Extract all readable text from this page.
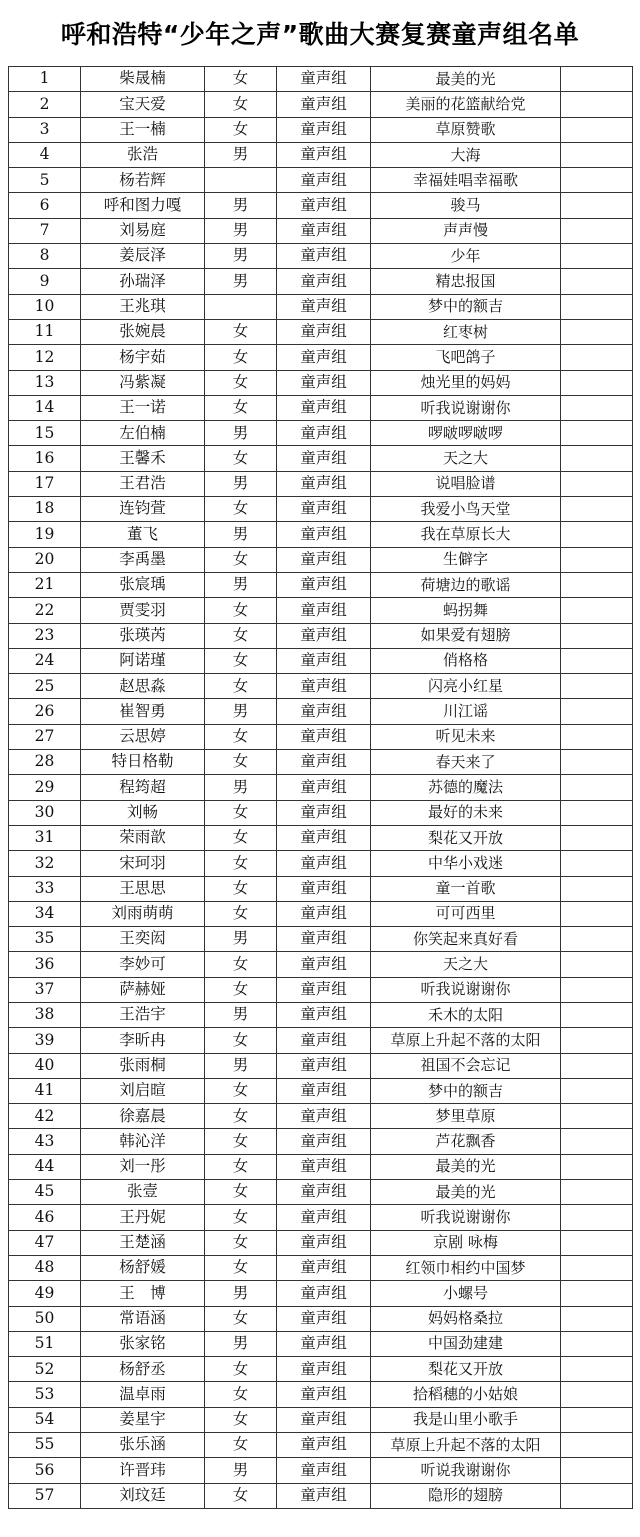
呼和浩特“少年之声”歌曲大赛复赛童声组名单
1	柴晟楠	女	童声组	最美的光	
2	宝天爱	女	童声组	美丽的花篮献给党	
3	王一楠	女	童声组	草原赞歌	
4	张浩	男	童声组	大海	
5	杨若辉		童声组	幸福娃唱幸福歌	
6	呼和图力嘎	男	童声组	骏马	
7	刘易庭	男	童声组	声声慢	
8	姜辰泽	男	童声组	少年	
9	孙瑞泽	男	童声组	精忠报国	
10	王兆琪		童声组	梦中的额吉	
11	张婉晨	女	童声组	红枣树	
12	杨宇茹	女	童声组	飞吧鸽子	
13	冯紫凝	女	童声组	烛光里的妈妈	
14	王一诺	女	童声组	听我说谢谢你	
15	左伯楠	男	童声组	啰啵啰啵啰	
16	王馨禾	女	童声组	天之大	
17	王君浩	男	童声组	说唱脸谱	
18	连钧萱	女	童声组	我爱小鸟天堂	
19	董飞	男	童声组	我在草原长大	
20	李禹墨	女	童声组	生僻字	
21	张宸瑀	男	童声组	荷塘边的歌谣	
22	贾雯羽	女	童声组	蚂拐舞	
23	张瑛芮	女	童声组	如果爱有翅膀	
24	阿诺瑾	女	童声组	俏格格	
25	赵思淼	女	童声组	闪亮小红星	
26	崔智勇	男	童声组	川江谣	
27	云思婷	女	童声组	听见未来	
28	特日格勒	女	童声组	春天来了	
29	程筠超	男	童声组	苏德的魔法	
30	刘畅	女	童声组	最好的未来	
31	荣雨歆	女	童声组	梨花又开放	
32	宋珂羽	女	童声组	中华小戏迷	
33	王思思	女	童声组	童一首歌	
34	刘雨萌萌	女	童声组	可可西里	
35	王奕闳	男	童声组	你笑起来真好看	
36	李妙可	女	童声组	天之大	
37	萨赫娅	女	童声组	听我说谢谢你	
38	王浩宇	男	童声组	禾木的太阳	
39	李昕冉	女	童声组	草原上升起不落的太阳	
40	张雨桐	男	童声组	祖国不会忘记	
41	刘启暄	女	童声组	梦中的额吉	
42	徐嘉晨	女	童声组	梦里草原	
43	韩沁洋	女	童声组	芦花飘香	
44	刘一彤	女	童声组	最美的光	
45	张壹	女	童声组	最美的光	
46	王丹妮	女	童声组	听我说谢谢你	
47	王楚涵	女	童声组	京剧 咏梅	
48	杨舒媛	女	童声组	红领巾相约中国梦	
49	王　博	男	童声组	小螺号	
50	常语涵	女	童声组	妈妈格桑拉	
51	张家铭	男	童声组	中国劲建建	
52	杨舒丞	女	童声组	梨花又开放	
53	温卓雨	女	童声组	拾稻穗的小姑娘	
54	姜星宇	女	童声组	我是山里小歌手	
55	张乐涵	女	童声组	草原上升起不落的太阳	
56	许晋玮	男	童声组	听说我谢谢你	
57	刘玟廷	女	童声组	隐形的翅膀	
